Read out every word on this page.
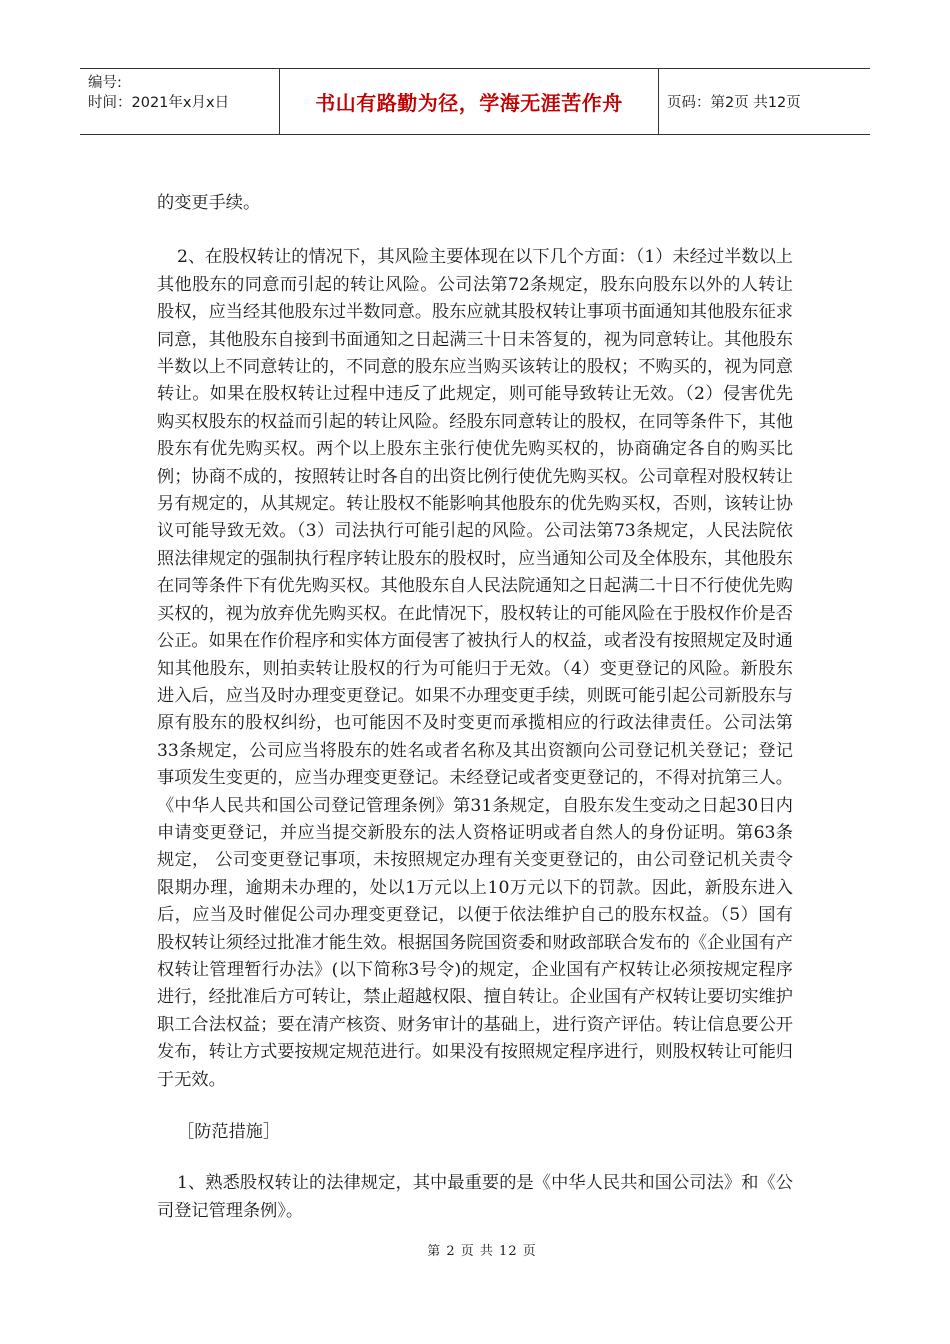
编号:
时间：2021年x月x日	书山有路勤为径，学海无涯苦作舟	页码：第2页 共12页

的变更手续。

2、在股权转让的情况下，其风险主要体现在以下几个方面：（1）未经过半数以上其他股东的同意而引起的转让风险。公司法第72条规定，股东向股东以外的人转让股权，应当经其他股东过半数同意。股东应就其股权转让事项书面通知其他股东征求同意，其他股东自接到书面通知之日起满三十日未答复的，视为同意转让。其他股东半数以上不同意转让的，不同意的股东应当购买该转让的股权；不购买的，视为同意转让。如果在股权转让过程中违反了此规定，则可能导致转让无效。（2）侵害优先购买权股东的权益而引起的转让风险。经股东同意转让的股权，在同等条件下，其他股东有优先购买权。两个以上股东主张行使优先购买权的，协商确定各自的购买比例；协商不成的，按照转让时各自的出资比例行使优先购买权。公司章程对股权转让另有规定的，从其规定。转让股权不能影响其他股东的优先购买权，否则，该转让协议可能导致无效。（3）司法执行可能引起的风险。公司法第73条规定，人民法院依照法律规定的强制执行程序转让股东的股权时，应当通知公司及全体股东，其他股东在同等条件下有优先购买权。其他股东自人民法院通知之日起满二十日不行使优先购买权的，视为放弃优先购买权。在此情况下，股权转让的可能风险在于股权作价是否公正。如果在作价程序和实体方面侵害了被执行人的权益，或者没有按照规定及时通知其他股东，则拍卖转让股权的行为可能归于无效。（4）变更登记的风险。新股东进入后，应当及时办理变更登记。如果不办理变更手续，则既可能引起公司新股东与原有股东的股权纠纷，也可能因不及时变更而承揽相应的行政法律责任。公司法第33条规定，公司应当将股东的姓名或者名称及其出资额向公司登记机关登记；登记事项发生变更的，应当办理变更登记。未经登记或者变更登记的，不得对抗第三人。《中华人民共和国公司登记管理条例》第31条规定，自股东发生变动之日起30日内申请变更登记，并应当提交新股东的法人资格证明或者自然人的身份证明。第63条规定， 公司变更登记事项，未按照规定办理有关变更登记的，由公司登记机关责令限期办理，逾期未办理的，处以1万元以上10万元以下的罚款。因此，新股东进入后，应当及时催促公司办理变更登记，以便于依法维护自己的股东权益。（5）国有股权转让须经过批准才能生效。根据国务院国资委和财政部联合发布的《企业国有产权转让管理暂行办法》(以下简称3号令)的规定，企业国有产权转让必须按规定程序进行，经批准后方可转让，禁止超越权限、擅自转让。企业国有产权转让要切实维护职工合法权益；要在清产核资、财务审计的基础上，进行资产评估。转让信息要公开发布，转让方式要按规定规范进行。如果没有按照规定程序进行，则股权转让可能归于无效。

［防范措施］

1、熟悉股权转让的法律规定，其中最重要的是《中华人民共和国公司法》和《公司登记管理条例》。

第 2 页 共 12 页
